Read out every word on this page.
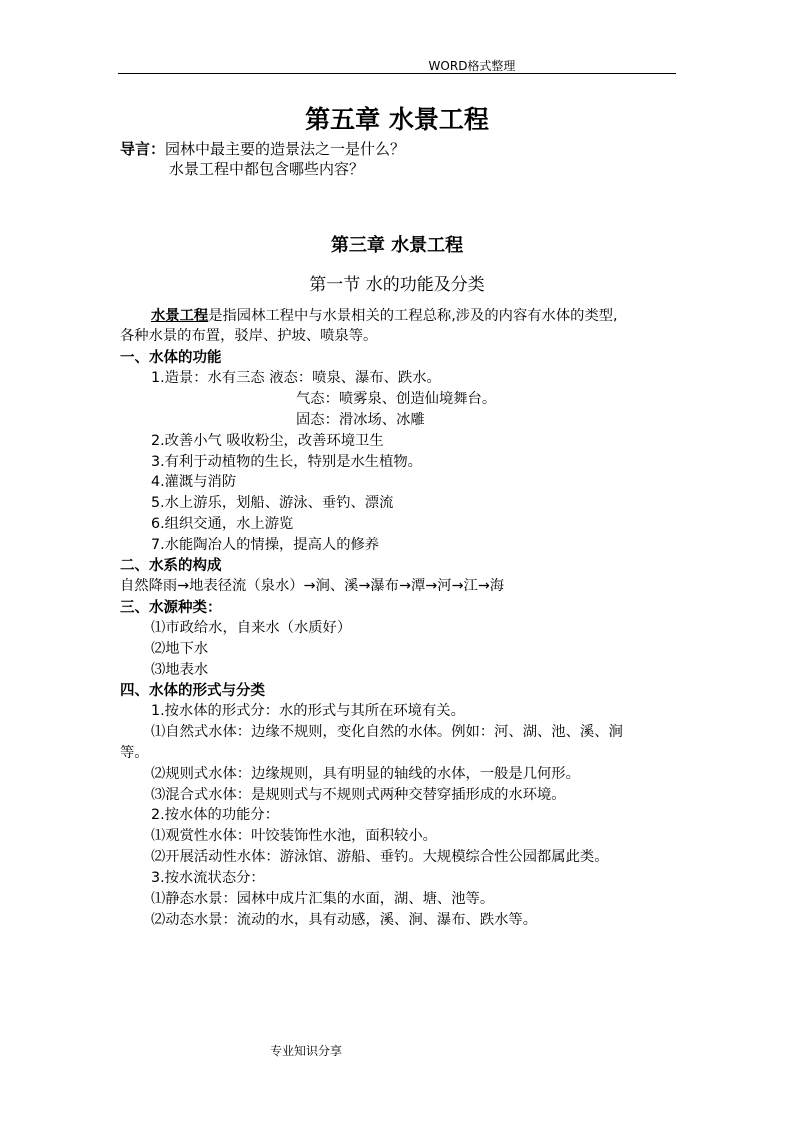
WORD格式整理
第五章 水景工程
导言：园林中最主要的造景法之一是什么？
水景工程中都包含哪些内容？
第三章 水景工程
第一节 水的功能及分类
水景工程是指园林工程中与水景相关的工程总称,涉及的内容有水体的类型,
各种水景的布置，驳岸、护坡、喷泉等。
一、水体的功能
1.造景：水有三态 液态：喷泉、瀑布、跌水。
气态：喷雾泉、创造仙境舞台。
固态：滑冰场、冰雕
2.改善小气 吸收粉尘，改善环境卫生
3.有利于动植物的生长，特别是水生植物。
4.灌溉与消防
5.水上游乐，划船、游泳、垂钓、漂流
6.组织交通，水上游览
7.水能陶冶人的情操，提高人的修养
二、水系的构成
自然降雨→地表径流（泉水）→涧、溪→瀑布→潭→河→江→海
三、水源种类：
⑴市政给水，自来水（水质好）
⑵地下水
⑶地表水
四、水体的形式与分类
1.按水体的形式分：水的形式与其所在环境有关。
⑴自然式水体：边缘不规则，变化自然的水体。例如：河、湖、池、溪、涧
等。
⑵规则式水体：边缘规则，具有明显的轴线的水体，一般是几何形。
⑶混合式水体：是规则式与不规则式两种交替穿插形成的水环境。
2.按水体的功能分：
⑴观赏性水体：叶饺装饰性水池，面积较小。
⑵开展活动性水体：游泳馆、游船、垂钓。大规模综合性公园都属此类。
3.按水流状态分：
⑴静态水景：园林中成片汇集的水面，湖、塘、池等。
⑵动态水景：流动的水，具有动感，溪、涧、瀑布、跌水等。
专业知识分享
